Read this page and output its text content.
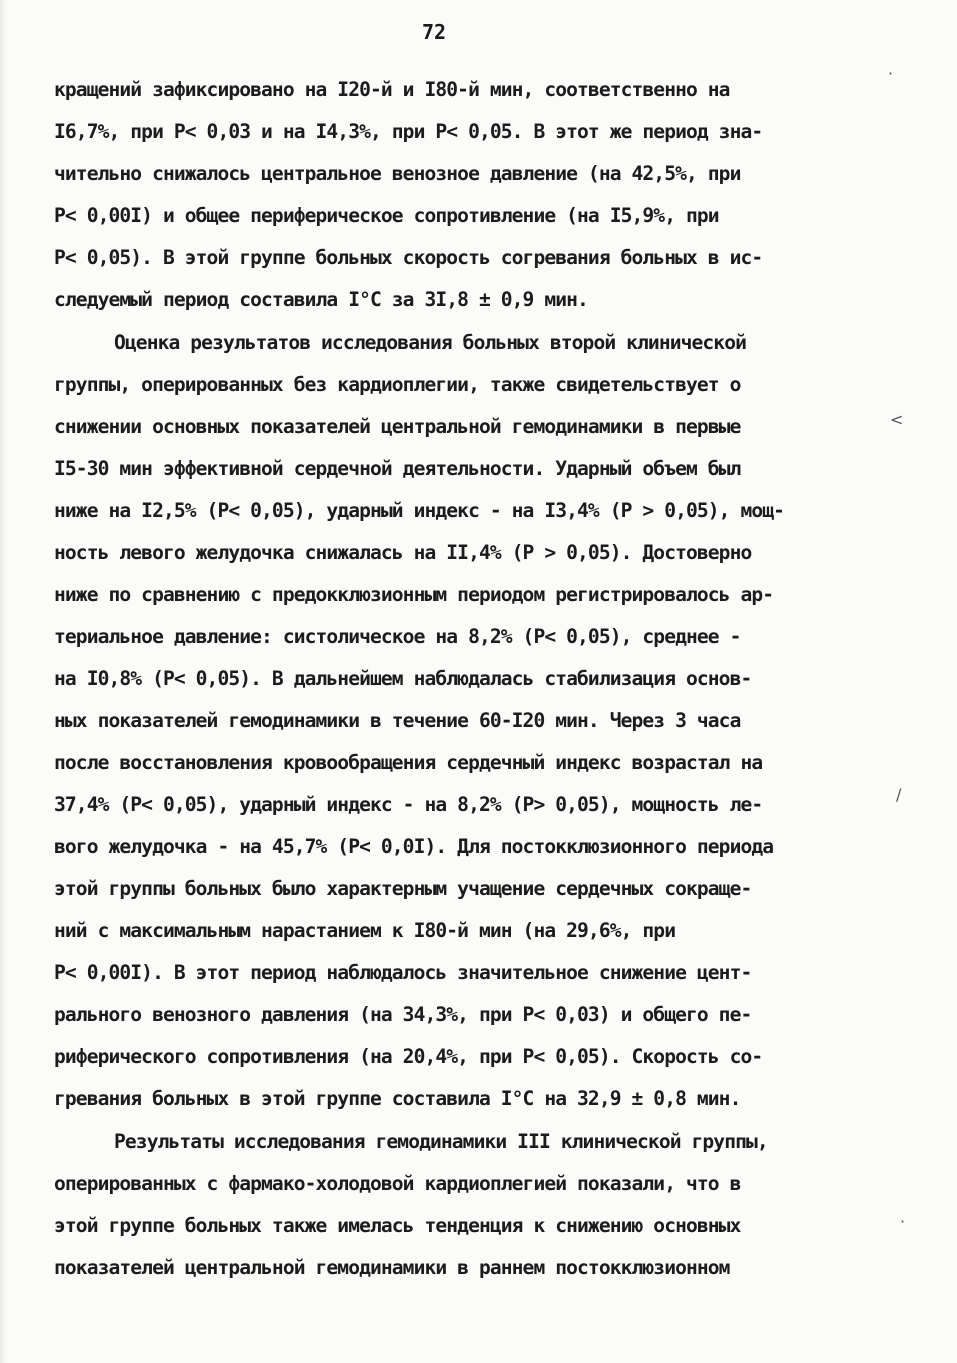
72
кращений зафиксировано на I20-й и I80-й мин, соответственно на
I6,7%, при P< 0,03 и на I4,3%, при P< 0,05. В этот же период зна-
чительно снижалось центральное венозное давление (на 42,5%, при
P< 0,00I) и общее периферическое сопротивление (на I5,9%, при
P< 0,05). В этой группе больных скорость согревания больных в ис-
следуемый период составила I°C за 3I,8 ± 0,9 мин.
Оценка результатов исследования больных второй клинической
группы, оперированных без кардиоплегии, также свидетельствует о
снижении основных показателей центральной гемодинамики в первые
I5-30 мин эффективной сердечной деятельности. Ударный объем был
ниже на I2,5% (P< 0,05), ударный индекс - на I3,4% (P > 0,05), мощ-
ность левого желудочка снижалась на II,4% (P > 0,05). Достоверно
ниже по сравнению с предокклюзионным периодом регистрировалось ар-
териальное давление: систолическое на 8,2% (P< 0,05), среднее -
на I0,8% (P< 0,05). В дальнейшем наблюдалась стабилизация основ-
ных показателей гемодинамики в течение 60-I20 мин. Через 3 часа
после восстановления кровообращения сердечный индекс возрастал на
37,4% (P< 0,05), ударный индекс - на 8,2% (P> 0,05), мощность ле-
вого желудочка - на 45,7% (P< 0,0I). Для постокклюзионного периода
этой группы больных было характерным учащение сердечных сокраще-
ний с максимальным нарастанием к I80-й мин (на 29,6%, при
P< 0,00I). В этот период наблюдалось значительное снижение цент-
рального венозного давления (на 34,3%, при P< 0,03) и общего пе-
риферического сопротивления (на 20,4%, при P< 0,05). Скорость со-
гревания больных в этой группе составила I°C на 32,9 ± 0,8 мин.
Результаты исследования гемодинамики III клинической группы,
оперированных с фармако-холодовой кардиоплегией показали, что в
этой группе больных также имелась тенденция к снижению основных
показателей центральной гемодинамики в раннем постокклюзионном
·
<
/
·
